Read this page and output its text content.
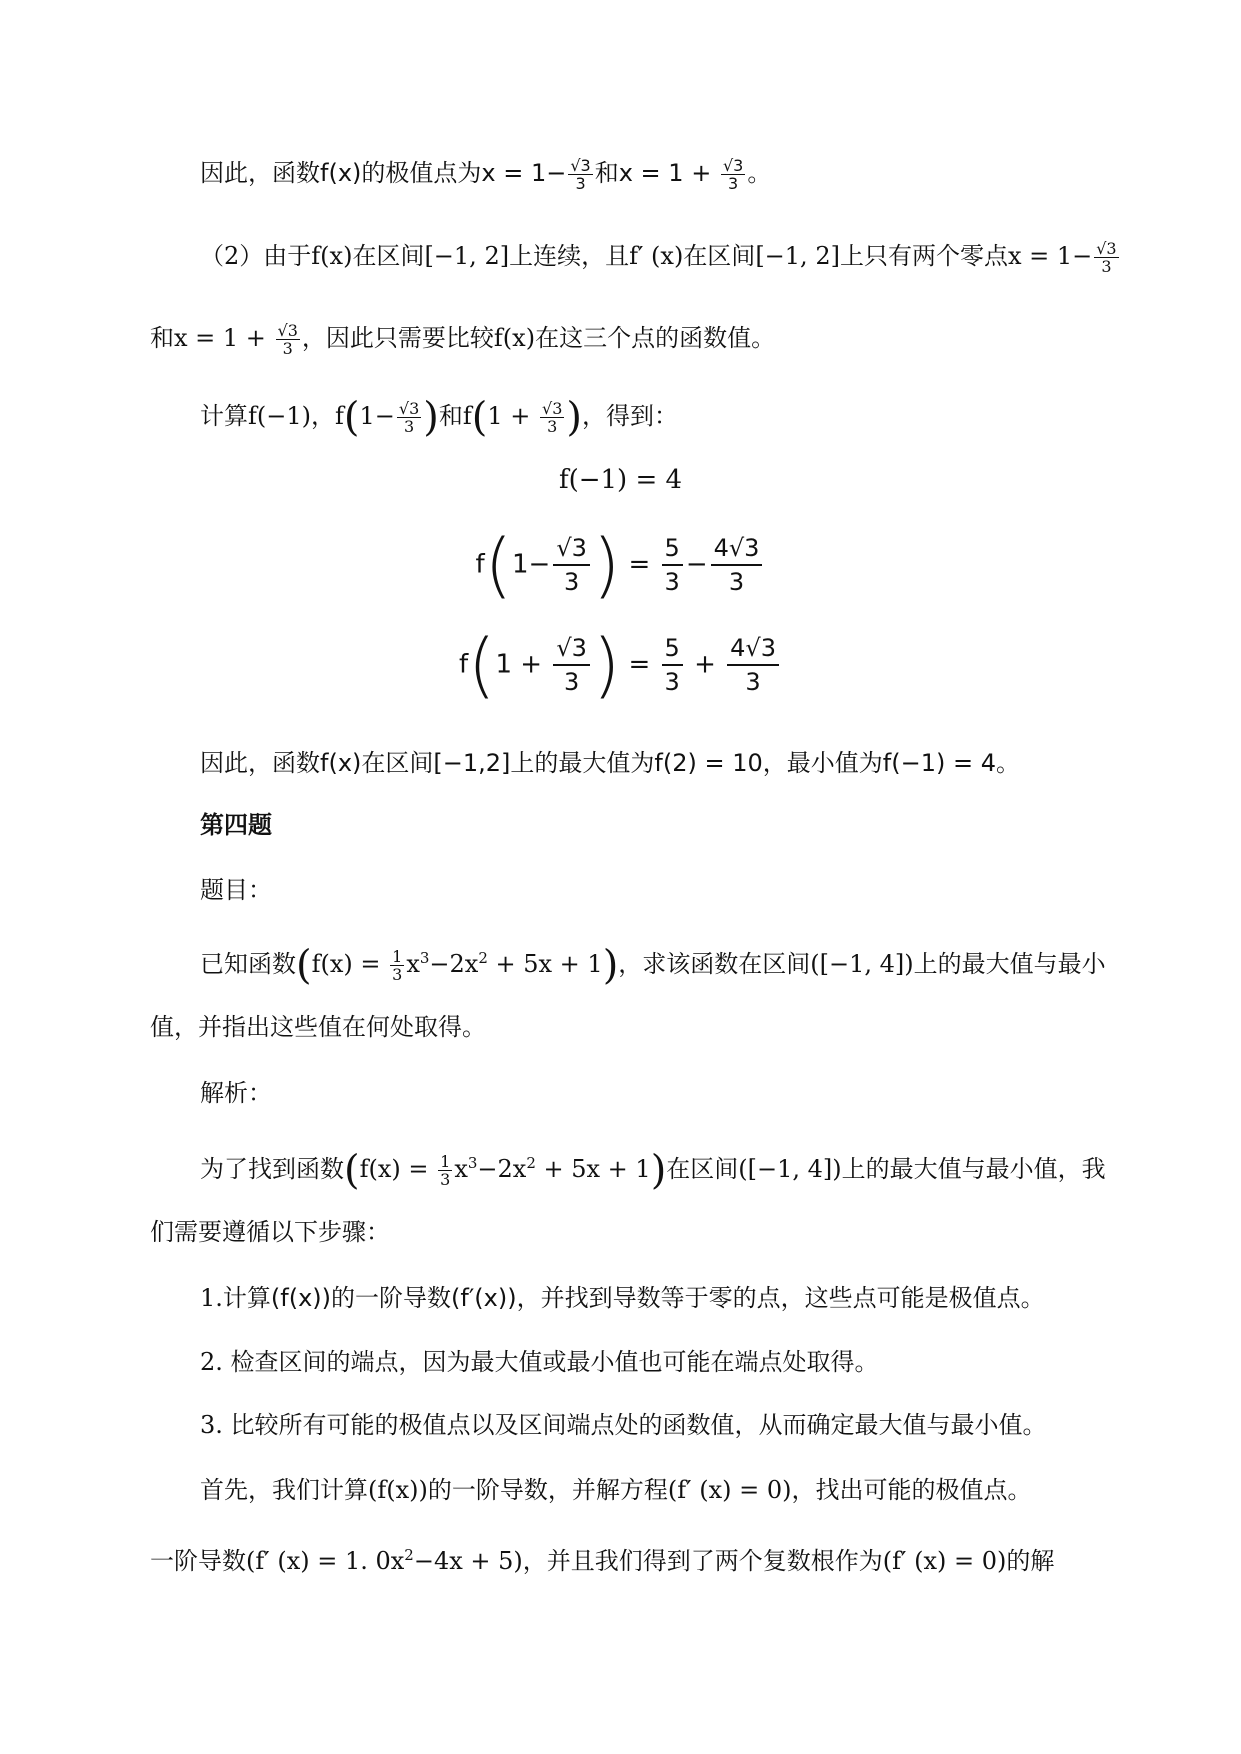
因此，函数f(x)的极值点为$x = 1- \frac{√3}{3}$ 和$x = 1 + \frac{√3}{3}$ 。
（2）由于f(x)在区间[−1, 2]上连续，且f′ (x)在区间[−1, 2]上只有两个零点$x = 1- \frac{√3}{3}$
和$x = 1 + \frac{√3}{3}$ ，因此只需要比较f(x)在这三个点的函数值。
计算f(−1)，$f(1- \frac{√3}{3}$ )和$f(1 + \frac{√3}{3}$ )，得到：
f(−1) = 4
$f(1- \frac{√3}{3}$ ) = $\frac{5}{3} - \frac{4√3}{3}$
$f(1 + \frac{√3}{3}$ ) = $\frac{5}{3} + \frac{4√3}{3}$
因此，函数f(x)在区间[−1,2]上的最大值为f(2) = 10，最小值为f(−1) = 4。
第四题
题目：
已知函数$(f(x) = \frac{1}{3} x^3-2x^2 + 5x + 1)$，求该函数在区间([−1, 4])上的最大值与最小
值，并指出这些值在何处取得。
解析：
为了找到函数$(f(x) = \frac{1}{3} x^3-2x^2 + 5x + 1)$在区间([−1, 4])上的最大值与最小值，我
们需要遵循以下步骤：
1.计算(f(x))的一阶导数(f′(x))，并找到导数等于零的点，这些点可能是极值点。
2. 检查区间的端点，因为最大值或最小值也可能在端点处取得。
3. 比较所有可能的极值点以及区间端点处的函数值，从而确定最大值与最小值。
首先，我们计算(f(x))的一阶导数，并解方程(f′ (x) = 0)，找出可能的极值点。
一阶导数(f′ (x) = 1. $0x^2-4x + 5$)，并且我们得到了两个复数根作为(f′ (x) = 0)的解
